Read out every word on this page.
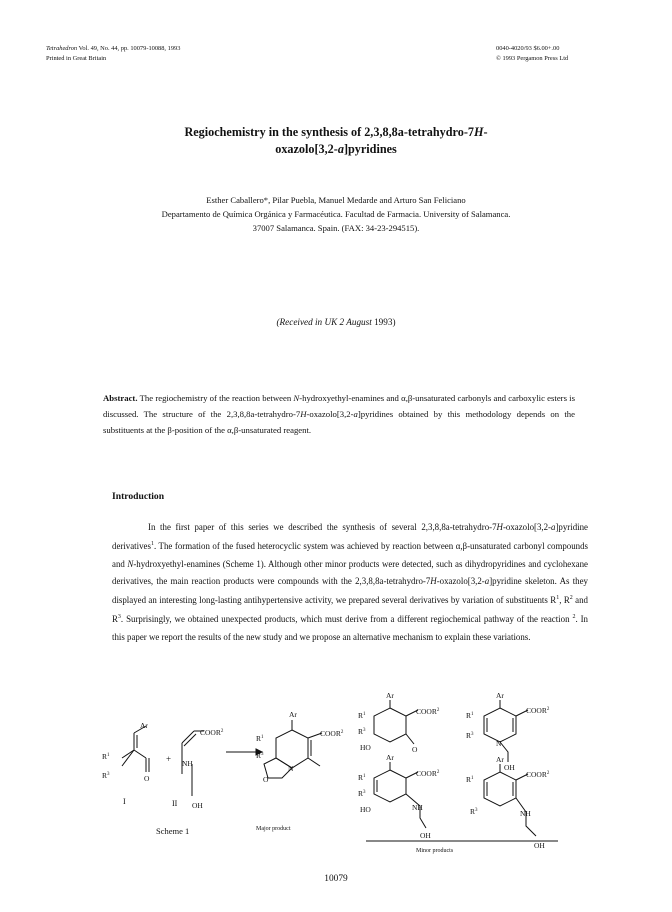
Tetrahedron Vol. 49, No. 44, pp. 10079-10088, 1993
Printed in Great Britain
0040-4020/93 $6.00+.00
© 1993 Pergamon Press Ltd
Regiochemistry in the synthesis of 2,3,8,8a-tetrahydro-7H-
oxazolo[3,2-a]pyridines
Esther Caballero*, Pilar Puebla, Manuel Medarde and Arturo San Feliciano
Departamento de Química Orgánica y Farmacéutica. Facultad de Farmacia. University of Salamanca.
37007 Salamanca. Spain. (FAX: 34-23-294515).
(Received in UK 2 August 1993)
Abstract. The regiochemistry of the reaction between N-hydroxyethyl-enamines and α,β-unsaturated carbonyls and carboxylic esters is discussed. The structure of the 2,3,8,8a-tetrahydro-7H-oxazolo[3,2-a]pyridines obtained by this methodology depends on the substituents at the β-position of the α,β-unsaturated reagent.
Introduction
In the first paper of this series we described the synthesis of several 2,3,8,8a-tetrahydro-7H-oxazolo[3,2-a]pyridine derivatives$^1$. The formation of the fused heterocyclic system was achieved by reaction between α,β-unsaturated carbonyl compounds and N-hydroxyethyl-enamines (Scheme 1). Although other minor products were detected, such as dihydropyridines and cyclohexane derivatives, the main reaction products were compounds with the 2,3,8,8a-tetrahydro-7H-oxazolo[3,2-a]pyridine skeleton. As they displayed an interesting long-lasting antihypertensive activity, we prepared several derivatives by variation of substituents $R^1$, $R^2$ and $R^3$. Surprisingly, we obtained unexpected products, which must derive from a different regiochemical pathway of the reaction $^2$. In this paper we report the results of the new study and we propose an alternative mechanism to explain these variations.
Ar
$R^1$
$R^3$	O
I
+
$COOR^2$
NH
OH
II
Scheme 1
Ar
$R^1$
$R^3$
COOR$^2$
O
N
Major product
Ar
$R^1$
$R^3$
HO
COOR$^2$
O
Ar
$R^1$
$R^3$
COOR$^2$
N
OH
Ar
$R^1$
$R^3$
HO
COOR$^2$
NH
OH
Ar
$R^1$
$R^3$
COOR$^2$
NH
OH
Minor products
10079
